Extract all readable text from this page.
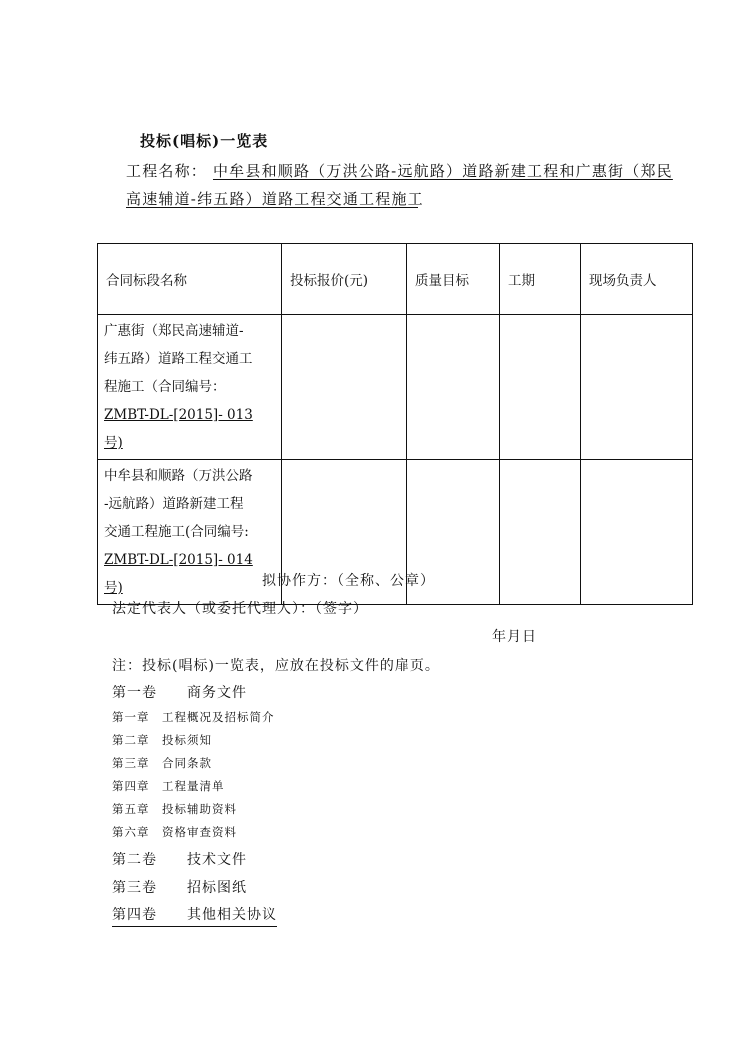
投标(唱标)一览表
工程名称： 中牟县和顺路（万洪公路-远航路）道路新建工程和广惠街（郑民
高速辅道-纬五路）道路工程交通工程施工
合同标段名称	投标报价(元)	质量目标	工期	现场负责人

广惠街（郑民高速辅道-
纬五路）道路工程交通工
程施工（合同编号：
ZMBT-DL-[2015]- 013 号)				

中牟县和顺路（万洪公路
-远航路）道路新建工程
交通工程施工(合同编号:
ZMBT-DL-[2015]- 014 号)				
					拟协作方：（全称、公章）
法定代表人（或委托代理人）：（签字）
年月日
注：投标(唱标)一览表，应放在投标文件的扉页。
第一卷 商务文件
第一章　工程概况及招标简介
第二章　投标须知
第三章　合同条款
第四章　工程量清单
第五章　投标辅助资料
第六章　资格审查资料
第二卷 技术文件
第三卷 招标图纸
第四卷 其他相关协议
